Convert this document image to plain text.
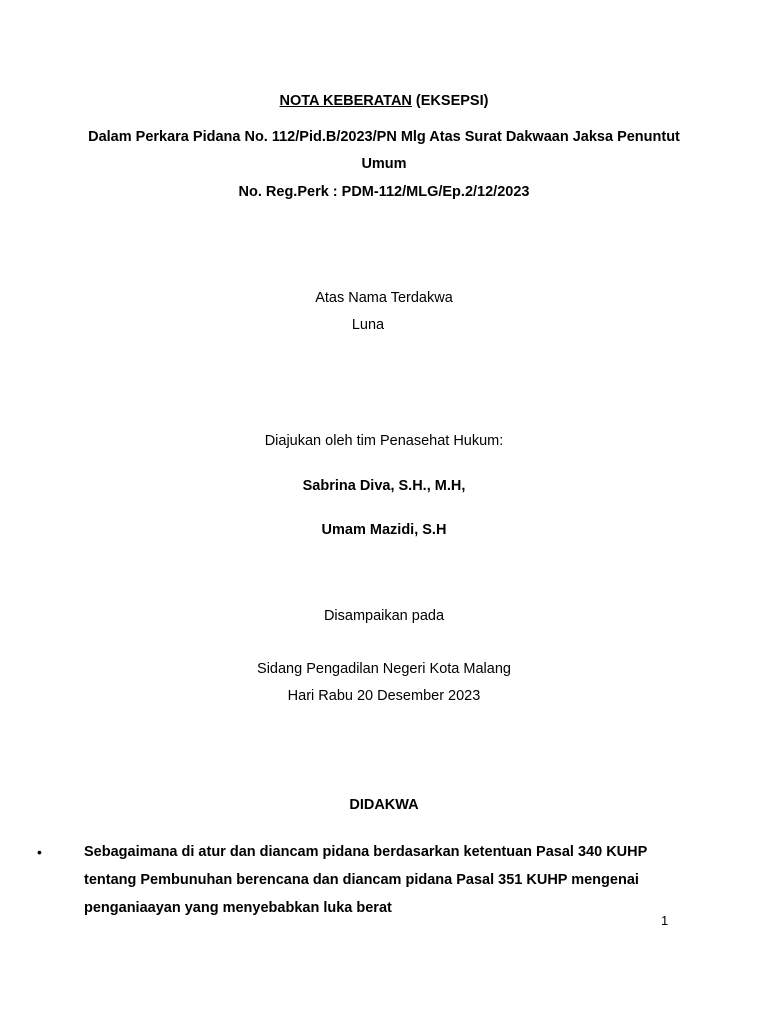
NOTA KEBERATAN (EKSEPSI)
Dalam Perkara Pidana No. 112/Pid.B/2023/PN Mlg Atas Surat Dakwaan Jaksa Penuntut
Umum
No. Reg.Perk : PDM-112/MLG/Ep.2/12/2023
Atas Nama Terdakwa
Luna
Diajukan oleh tim Penasehat Hukum:
Sabrina Diva, S.H., M.H,
Umam Mazidi, S.H
Disampaikan pada
Sidang Pengadilan Negeri Kota Malang
Hari Rabu 20 Desember 2023
DIDAKWA
•	Sebagaimana di atur dan diancam pidana berdasarkan ketentuan Pasal 340 KUHP
tentang Pembunuhan berencana dan diancam pidana Pasal 351 KUHP mengenai
penganiaayan yang menyebabkan luka berat
1
